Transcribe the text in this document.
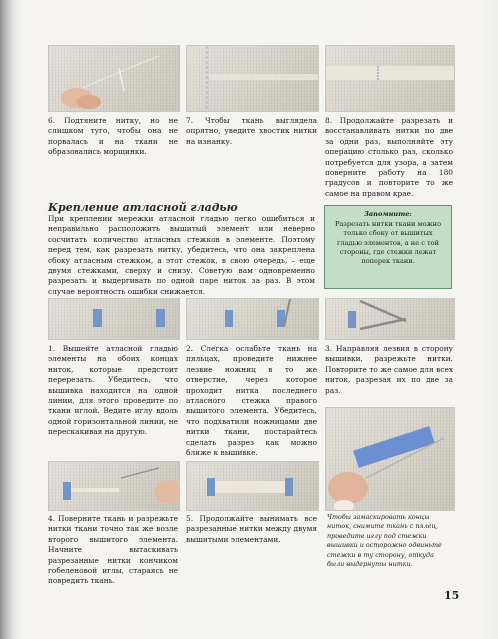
6. Подтяните нитку, но не слишком туго, чтобы она не порвалась и на ткани не образовались морщинки.

7. Чтобы ткань выглядела опрятно, уведите хвостик нитки на изнанку.

8. Продолжайте разрезать и восстанавливать нитки по две за одни раз, выполняйте эту операцию столько раз, сколько потребуется для узора, а затем поверните работу на 180 градусов и повторите то же самое на правом крае.

Крепление атласной гладью

При креплении мережки атласной гладью легко ошибиться и неправильно расположить вышитый элемент или неверно сосчитать количество атласных стежков в элементе. Поэтому перед тем, как разрезать нитку, убедитесь, что она закреплена сбоку атласным стежком, а этот стежок, в свою очередь, – еще двумя стежками, сверху и снизу. Советую вам одновременно разрезать и выдергивать по одной паре ниток за раз. В этом случае вероятность ошибки снижается.

Запомните:
Разрезать нитки ткани можно только сбоку от вышитых гладью элементов, а не с той стороны, где стежки лежат поперек ткани.

1. Вышейте атласной гладью элементы на обоих концах ниток, которые предстоит перерезать. Убедитесь, что вышивка находится на одной линии, для этого проведите по ткани иглой. Ведите иглу вдоль одной горизонтальной линии, не перескакивая на другую.

2. Слегка ослабьте ткань на пяльцах, проведите нижнее лезвие ножниц в то же отверстие, через которое проходит нитка последнего атласного стежка правого вышитого элемента. Убедитесь, что подхватили ножницами две нитки ткани, постарайтесь сделать разрез как можно ближе к вышивке.

3. Направляя лезвия в сторону вышивки, разрежьте нитки. Повторите то же самое для всех ниток, разрезая их по две за раз.

Чтобы замаскировать концы ниток, снимите ткань с пялец, проведите иглу под стежки вышивки и осторожно одвиньте стежки в ту сторону, откуда были выдернуты нитки.

4. Поверните ткань и разрежьте нитки ткани точно так же возле второго вышитого элемента. Начните вытаскивать разрезанные нитки кончиком гобеленовой иглы, стараясь не повредить ткань.

5. Продолжайте вынимать все разрезанные нитки между двумя вышитыми элементами.

15
